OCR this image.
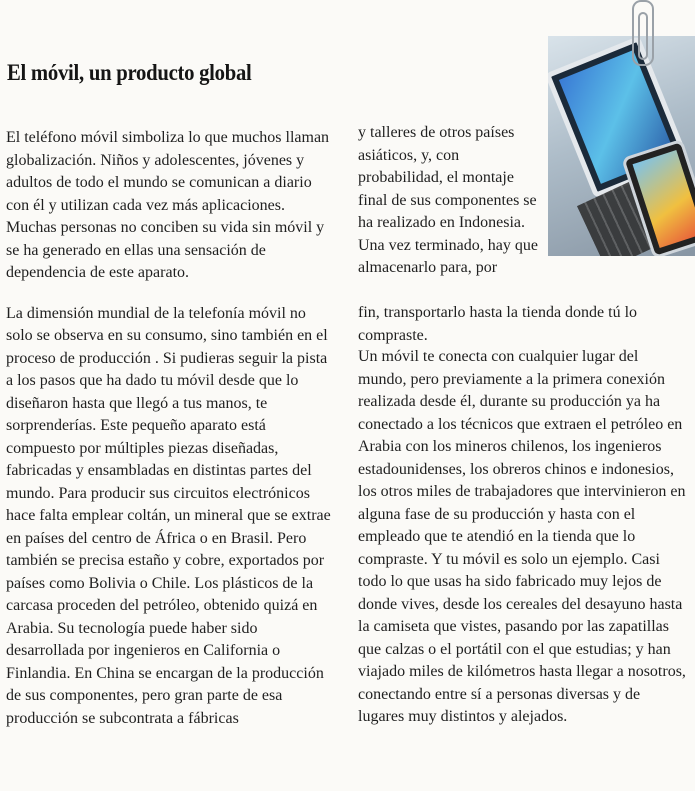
El móvil, un producto global

El teléfono móvil simboliza lo que muchos llaman globalización. Niños y adolescentes, jóvenes y adultos de todo el mundo se comunican a diario con él y utilizan cada vez más aplicaciones. Muchas personas no conciben su vida sin móvil y se ha generado en ellas una sensación de dependencia de este aparato.

La dimensión mundial de la telefonía móvil no solo se observa en su consumo, sino también en el proceso de producción . Si pudieras seguir la pista a los pasos que ha dado tu móvil desde que lo diseñaron hasta que llegó a tus manos, te sorprenderías. Este pequeño aparato está compuesto por múltiples piezas diseñadas, fabricadas y ensambladas en distintas partes del mundo. Para producir sus circuitos electrónicos hace falta emplear coltán, un mineral que se extrae en países del centro de África o en Brasil. Pero también se precisa estaño y cobre, exportados por países como Bolivia o Chile. Los plásticos de la carcasa proceden del petróleo, obtenido quizá en Arabia. Su tecnología puede haber sido desarrollada por ingenieros en California o Finlandia. En China se encargan de la producción de sus componentes, pero gran parte de esa producción se subcontrata a fábricas

y talleres de otros países asiáticos, y, con probabilidad, el montaje final de sus componentes se ha realizado en Indonesia. Una vez terminado, hay que almacenarlo para, por

fin, transportarlo hasta la tienda donde tú lo compraste.

Un móvil te conecta con cualquier lugar del mundo, pero previamente a la primera conexión realizada desde él, durante su producción ya ha conectado a los técnicos que extraen el petróleo en Arabia con los mineros chilenos, los ingenieros estadounidenses, los obreros chinos e indonesios, los otros miles de trabajadores que intervinieron en alguna fase de su producción y hasta con el empleado que te atendió en la tienda que lo compraste. Y tu móvil es solo un ejemplo. Casi todo lo que usas ha sido fabricado muy lejos de donde vives, desde los cereales del desayuno hasta la camiseta que vistes, pasando por las zapatillas que calzas o el portátil con el que estudias; y han viajado miles de kilómetros hasta llegar a nosotros, conectando entre sí a personas diversas y de lugares muy distintos y alejados.
